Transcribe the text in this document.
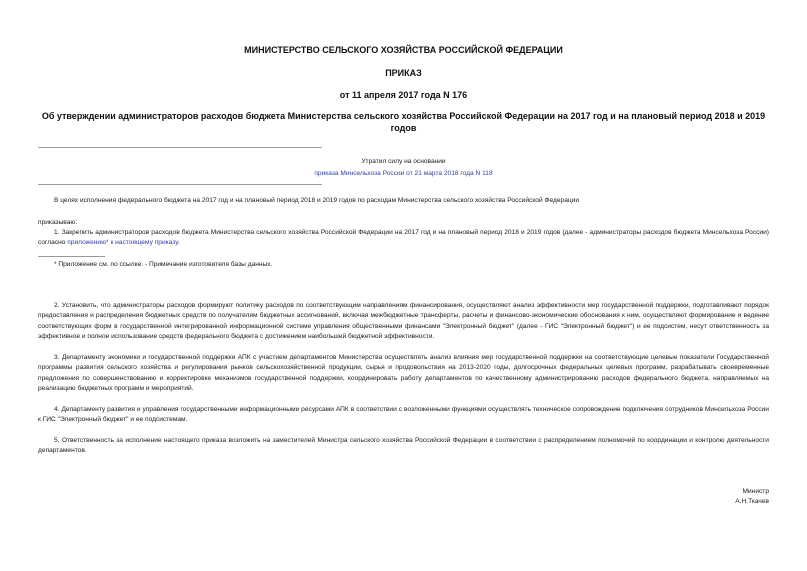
МИНИСТЕРСТВО СЕЛЬСКОГО ХОЗЯЙСТВА РОССИЙСКОЙ ФЕДЕРАЦИИ
ПРИКАЗ
от 11 апреля 2017 года N 176
Об утверждении администраторов расходов бюджета Министерства сельского хозяйства Российской Федерации на 2017 год и на плановый период 2018 и 2019 годов
Утратил силу на основании
приказа Минсельхоза России от 21 марта 2018 года N 118
В целях исполнения федерального бюджета на 2017 год и на плановый период 2018 и 2019 годов по расходам Министерства сельского хозяйства Российской Федерации
приказываю:
1. Закрепить администраторов расходов бюджета Министерства сельского хозяйства Российской Федерации на 2017 год и на плановый период 2018 и 2019 годов (далее - администраторы расходов бюджета Минсельхоза России) согласно приложению* к настоящему приказу.
* Приложение см. по ссылке. - Примечание изготовителя базы данных.
2. Установить, что администраторы расходов формируют политику расходов по соответствующим направлениям финансирования, осуществляют анализ эффективности мер государственной поддержки, подготавливают порядок предоставления и распределения бюджетных средств по получателям бюджетных ассигнований, включая межбюджетные трансферты, расчеты и финансово-экономические обоснования к ним, осуществляют формирование и ведение соответствующих форм в государственной интегрированной информационной системе управления общественными финансами "Электронный бюджет" (далее - ГИС "Электронный бюджет") и ее подсистем, несут ответственность за эффективное и полное использование средств федерального бюджета с достижением наибольшей бюджетной эффективности.
3. Департаменту экономики и государственной поддержки АПК с участием департаментов Министерства осуществлять анализ влияния мер государственной поддержки на соответствующие целевые показатели Государственной программы развития сельского хозяйства и регулирования рынков сельскохозяйственной продукции, сырья и продовольствия на 2013-2020 годы, долгосрочных федеральных целевых программ, разрабатывать своевременные предложения по совершенствованию и корректировке механизмов государственной поддержки, координировать работу департаментов по качественному администрированию расходов федерального бюджета, направляемых на реализацию бюджетных программ и мероприятий.
4. Департаменту развития и управления государственными информационными ресурсами АПК в соответствии с возложенными функциями осуществлять техническое сопровождение подключения сотрудников Минсельхоза России к ГИС "Электронный бюджет" и ее подсистемам.
5. Ответственность за исполнение настоящего приказа возложить на заместителей Министра сельского хозяйства Российской Федерации в соответствии с распределением полномочий по координации и контролю деятельности департаментов.
Министр
А.Н.Ткачев
